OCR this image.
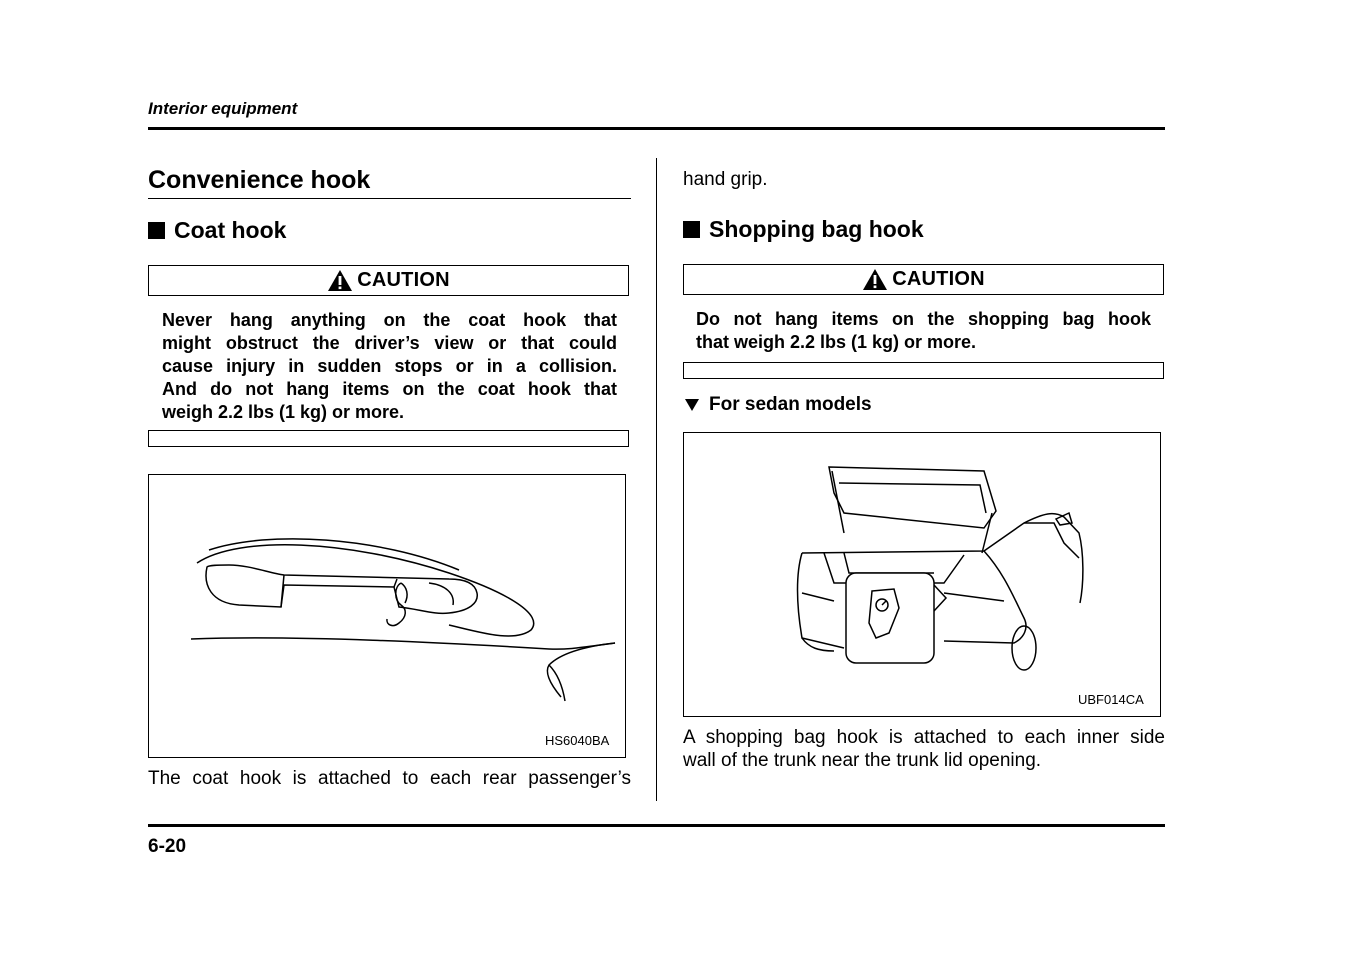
Interior equipment
Convenience hook
Coat hook
CAUTION
Never hang anything on the coat hook that
might obstruct the driver’s view or that could
cause injury in sudden stops or in a collision.
And do not hang items on the coat hook that
weigh 2.2 lbs (1 kg) or more.
HS6040BA
The coat hook is attached to each rear passenger’s
hand grip.
Shopping bag hook
CAUTION
Do not hang items on the shopping bag hook
that weigh 2.2 lbs (1 kg) or more.
For sedan models
UBF014CA
A shopping bag hook is attached to each inner side
wall of the trunk near the trunk lid opening.
6-20
